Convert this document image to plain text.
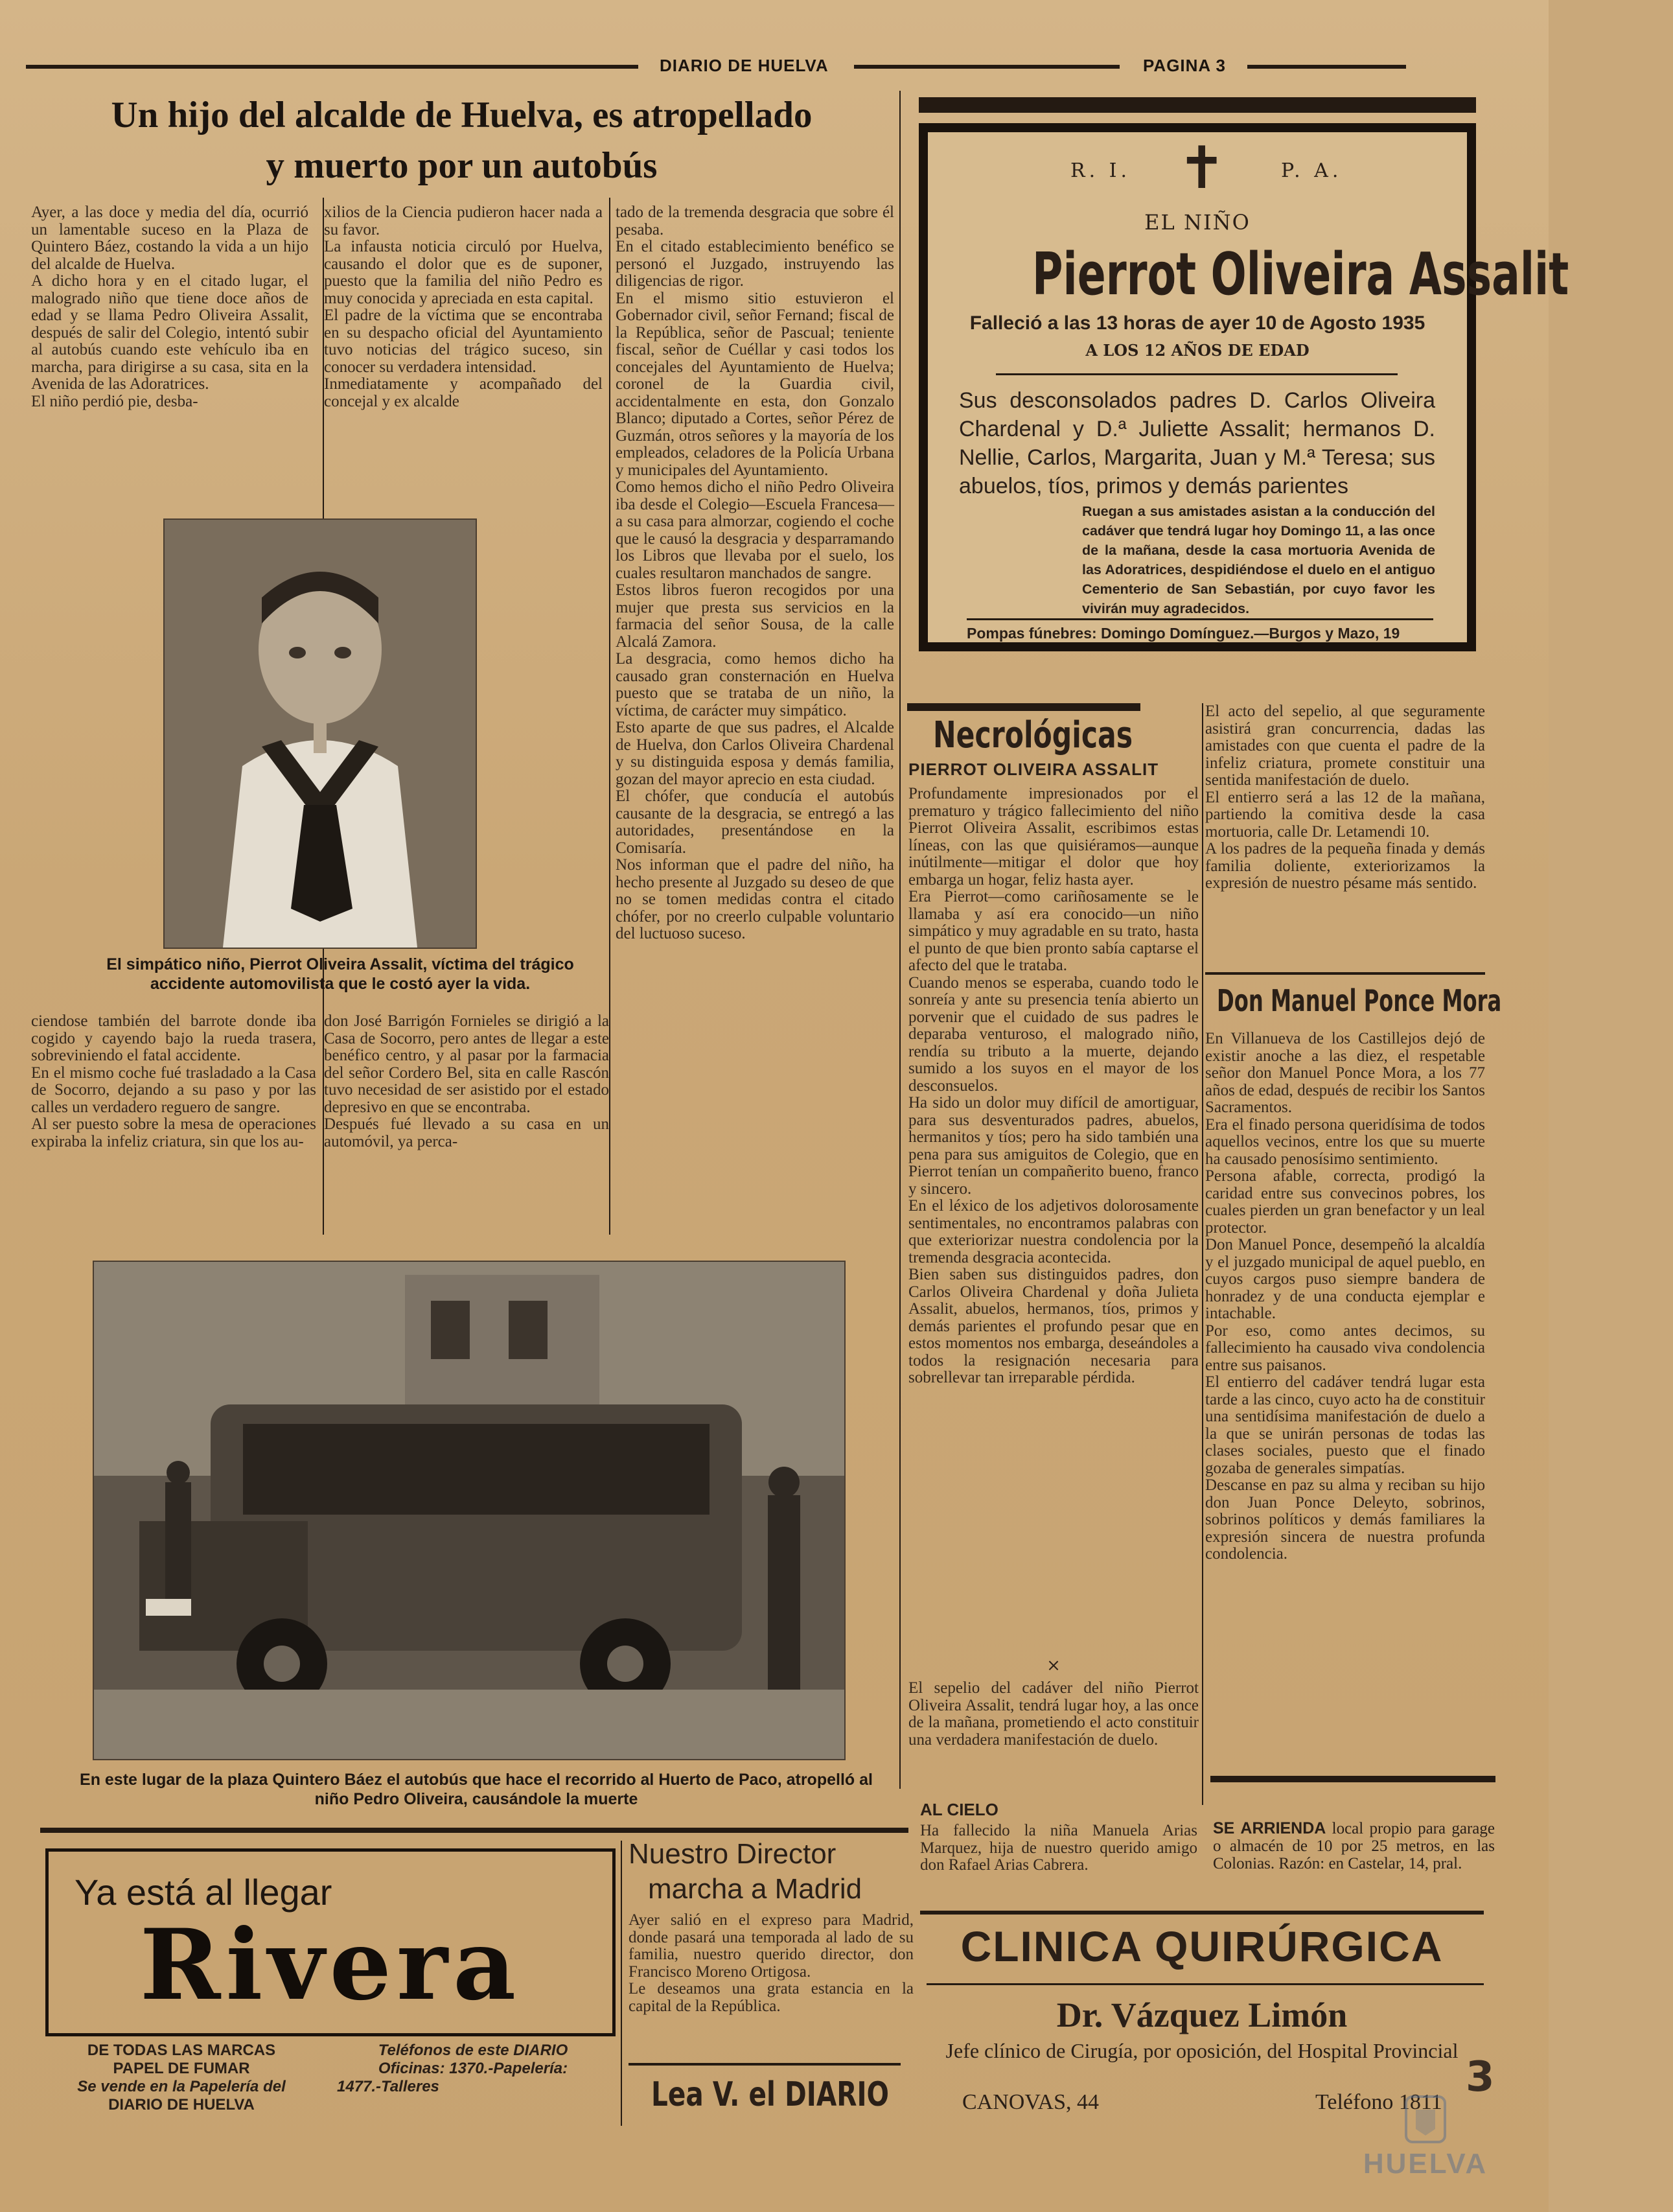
DIARIO DE HUELVA	PAGINA 3
Un hijo del alcalde de Huelva, es atropellado
y muerto por un autobús
Ayer, a las doce y media del día, ocurrió un lamentable suceso en la Plaza de Quintero Báez, costando la vida a un hijo del alcalde de Huelva.
A dicho hora y en el citado lugar, el malogrado niño que tiene doce años de edad y se llama Pedro Oliveira Assalit, después de salir del Colegio, intentó subir al autobús cuando este vehículo iba en marcha, para dirigirse a su casa, sita en la Avenida de las Adoratrices.
El niño perdió pie, desba-
xilios de la Ciencia pudieron hacer nada a su favor.
La infausta noticia circuló por Huelva, causando el dolor que es de suponer, puesto que la familia del niño Pedro es muy conocida y apreciada en esta capital.
El padre de la víctima que se encontraba en su despacho oficial del Ayuntamiento tuvo noticias del trágico suceso, sin conocer su verdadera intensidad.
Inmediatamente y acompañado del concejal y ex alcalde
tado de la tremenda desgracia que sobre él pesaba.
En el citado establecimiento benéfico se personó el Juzgado, instruyendo las diligencias de rigor.
En el mismo sitio estuvieron el Gobernador civil, señor Fernand; fiscal de la República, señor de Pascual; teniente fiscal, señor de Cuéllar y casi todos los concejales del Ayuntamiento de Huelva; coronel de la Guardia civil, accidentalmente en esta, don Gonzalo Blanco; diputado a Cortes, señor Pérez de Guzmán, otros señores y la mayoría de los empleados, celadores de la Policía Urbana y municipales del Ayuntamiento.
Como hemos dicho el niño Pedro Oliveira iba desde el Colegio—Escuela Francesa—a su casa para almorzar, cogiendo el coche que le causó la desgracia y desparramando los Libros que llevaba por el suelo, los cuales resultaron manchados de sangre.
Estos libros fueron recogidos por una mujer que presta sus servicios en la farmacia del señor Sousa, de la calle Alcalá Zamora.
La desgracia, como hemos dicho ha causado gran consternación en Huelva puesto que se trataba de un niño, la víctima, de carácter muy simpático.
Esto aparte de que sus padres, el Alcalde de Huelva, don Carlos Oliveira Chardenal y su distinguida esposa y demás familia, gozan del mayor aprecio en esta ciudad.
El chófer, que conducía el autobús causante de la desgracia, se entregó a las autoridades, presentándose en la Comisaría.
Nos informan que el padre del niño, ha hecho presente al Juzgado su deseo de que no se tomen medidas contra el citado chófer, por no creerlo culpable voluntario del luctuoso suceso.
El simpático niño, Pierrot Oliveira Assalit, víctima del trágico accidente automovilista que le costó ayer la vida.
ciendose también del barrote donde iba cogido y cayendo bajo la rueda trasera, sobreviniendo el fatal accidente.
En el mismo coche fué trasladado a la Casa de Socorro, dejando a su paso y por las calles un verdadero reguero de sangre.
Al ser puesto sobre la mesa de operaciones expiraba la infeliz criatura, sin que los au-
don José Barrigón Fornieles se dirigió a la Casa de Socorro, pero antes de llegar a este benéfico centro, y al pasar por la farmacia del señor Cordero Bel, sita en calle Rascón tuvo necesidad de ser asistido por el estado depresivo en que se encontraba.
Después fué llevado a su casa en un automóvil, ya perca-
En este lugar de la plaza Quintero Báez el autobús que hace el recorrido al Huerto de Paco, atropelló al niño Pedro Oliveira, causándole la muerte
R. I. ✝	P. A.
EL NIÑO
Pierrot Oliveira Assalit
Falleció a las 13 horas de ayer 10 de Agosto 1935
A LOS 12 AÑOS DE EDAD
Sus desconsolados padres D. Carlos Oliveira Chardenal y D.ª Juliette Assalit; hermanos D. Nellie, Carlos, Margarita, Juan y M.ª Teresa; sus abuelos, tíos, primos y demás parientes
Ruegan a sus amistades asistan a la conducción del cadáver que tendrá lugar hoy Domingo 11, a las once de la mañana, desde la casa mortuoria Avenida de las Adoratrices, despidiéndose el duelo en el antiguo Cementerio de San Sebastián, por cuyo favor les vivirán muy agradecidos.
Pompas fúnebres: Domingo Domínguez.—Burgos y Mazo, 19
Necrológicas
PIERROT OLIVEIRA ASSALIT
Profundamente impresionados por el prematuro y trágico fallecimiento del niño Pierrot Oliveira Assalit, escribimos estas líneas, con las que quisiéramos—aunque inútilmente—mitigar el dolor que hoy embarga un hogar, feliz hasta ayer.
Era Pierrot—como cariñosamente se le llamaba y así era conocido—un niño simpático y muy agradable en su trato, hasta el punto de que bien pronto sabía captarse el afecto del que le trataba.
Cuando menos se esperaba, cuando todo le sonreía y ante su presencia tenía abierto un porvenir que el cuidado de sus padres le deparaba venturoso, el malogrado niño, rendía su tributo a la muerte, dejando sumido a los suyos en el mayor de los desconsuelos.
Ha sido un dolor muy difícil de amortiguar, para sus desventurados padres, abuelos, hermanitos y tíos; pero ha sido también una pena para sus amiguitos de Colegio, que en Pierrot tenían un compañerito bueno, franco y sincero.
En el léxico de los adjetivos dolorosamente sentimentales, no encontramos palabras con que exteriorizar nuestra condolencia por la tremenda desgracia acontecida.
Bien saben sus distinguidos padres, don Carlos Oliveira Chardenal y doña Julieta Assalit, abuelos, hermanos, tíos, primos y demás parientes el profundo pesar que en estos momentos nos embarga, deseándoles a todos la resignación necesaria para sobrellevar tan irreparable pérdida.
×
El sepelio del cadáver del niño Pierrot Oliveira Assalit, tendrá lugar hoy, a las once de la mañana, prometiendo el acto constituir una verdadera manifestación de duelo.
El acto del sepelio, al que seguramente asistirá gran concurrencia, dadas las amistades con que cuenta el padre de la infeliz criatura, promete constituir una sentida manifestación de duelo.
El entierro será a las 12 de la mañana, partiendo la comitiva desde la casa mortuoria, calle Dr. Letamendi 10.
A los padres de la pequeña finada y demás familia doliente, exteriorizamos la expresión de nuestro pésame más sentido.
Don Manuel Ponce Mora
En Villanueva de los Castillejos dejó de existir anoche a las diez, el respetable señor don Manuel Ponce Mora, a los 77 años de edad, después de recibir los Santos Sacramentos.
Era el finado persona queridísima de todos aquellos vecinos, entre los que su muerte ha causado penosísimo sentimiento.
Persona afable, correcta, prodigó la caridad entre sus convecinos pobres, los cuales pierden un gran benefactor y un leal protector.
Don Manuel Ponce, desempeñó la alcaldía y el juzgado municipal de aquel pueblo, en cuyos cargos puso siempre bandera de honradez y de una conducta ejemplar e intachable.
Por eso, como antes decimos, su fallecimiento ha causado viva condolencia entre sus paisanos.
El entierro del cadáver tendrá lugar esta tarde a las cinco, cuyo acto ha de constituir una sentidísima manifestación de duelo a la que se unirán personas de todas las clases sociales, puesto que el finado gozaba de generales simpatías.
Descanse en paz su alma y reciban su hijo don Juan Ponce Deleyto, sobrinos, sobrinos políticos y demás familiares la expresión sincera de nuestra profunda condolencia.
AL CIELO
Ha fallecido la niña Manuela Arias Marquez, hija de nuestro querido amigo don Rafael Arias Cabrera.
SE ARRIENDA local propio para garage o almacén de 10 por 25 metros, en las Colonias. Razón: en Castelar, 14, pral.
Ya está al llegar
Rivera
DE TODAS LAS MARCAS
PAPEL DE FUMAR
Se vende en la Papelería del
DIARIO DE HUELVA
Teléfonos de este DIARIO
Oficinas: 1370.-Papelería:
1477.-Talleres
Nuestro Director
marcha a Madrid
Ayer salió en el expreso para Madrid, donde pasará una temporada al lado de su familia, nuestro querido director, don Francisco Moreno Ortigosa.
Le deseamos una grata estancia en la capital de la República.
Lea V. el DIARIO
CLINICA QUIRÚRGICA
Dr. Vázquez Limón
Jefe clínico de Cirugía, por oposición, del Hospital Provincial
CANOVAS, 44	Teléfono 1811
3
HUELVA
